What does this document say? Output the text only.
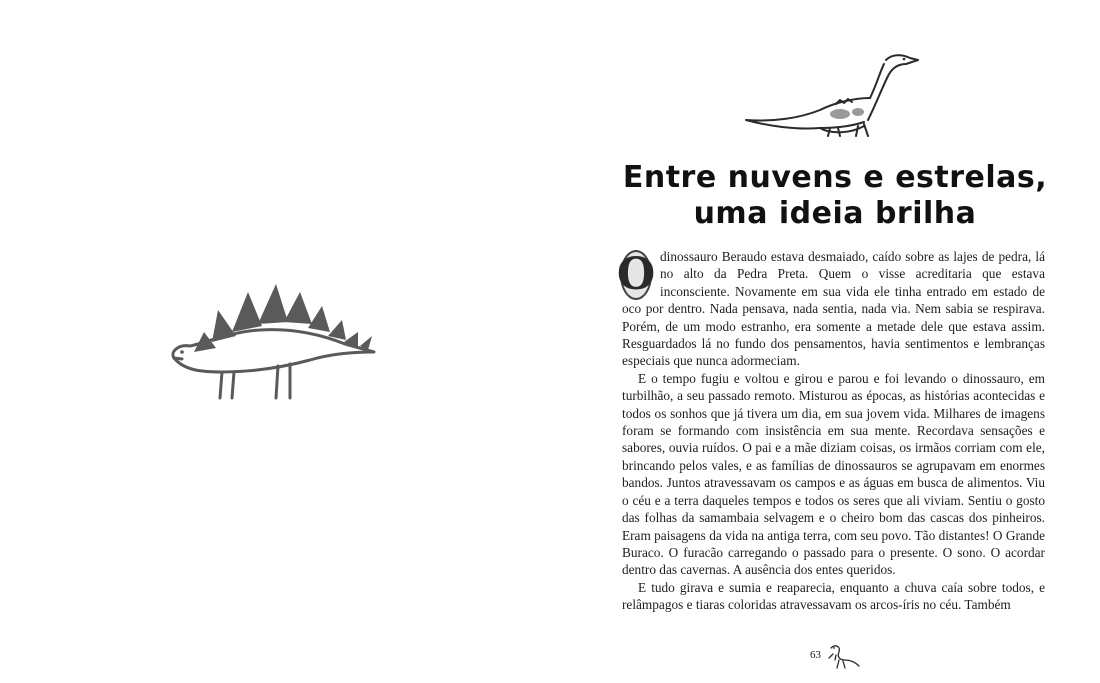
Entre nuvens e estrelas,
uma ideia brilha

O dinossauro Beraudo estava desmaiado, caído sobre as lajes de pedra, lá no alto da Pedra Preta. Quem o visse acreditaria que estava inconsciente. Novamente em sua vida ele tinha entrado em estado de oco por dentro. Nada pensava, nada sentia, nada via. Nem sabia se respirava. Porém, de um modo estranho, era somente a metade dele que estava assim. Resguardados lá no fundo dos pensamentos, havia sentimentos e lembranças especiais que nunca adormeciam.

E o tempo fugiu e voltou e girou e parou e foi levando o dinossauro, em turbilhão, a seu passado remoto. Misturou as épocas, as histórias acontecidas e todos os sonhos que já tivera um dia, em sua jovem vida. Milhares de imagens foram se formando com insistência em sua mente. Recordava sensações e sabores, ouvia ruídos. O pai e a mãe diziam coisas, os irmãos corriam com ele, brincando pelos vales, e as famílias de dinossauros se agrupavam em enormes bandos. Juntos atravessavam os campos e as águas em busca de alimentos. Viu o céu e a terra daqueles tempos e todos os seres que ali viviam. Sentiu o gosto das folhas da samambaia selvagem e o cheiro bom das cascas dos pinheiros. Eram paisagens da vida na antiga terra, com seu povo. Tão distantes! O Grande Buraco. O furacão carregando o passado para o presente. O sono. O acordar dentro das cavernas. A ausência dos entes queridos.

E tudo girava e sumia e reaparecia, enquanto a chuva caía sobre todos, e relâmpagos e tiaras coloridas atravessavam os arcos-íris no céu. Também

63
